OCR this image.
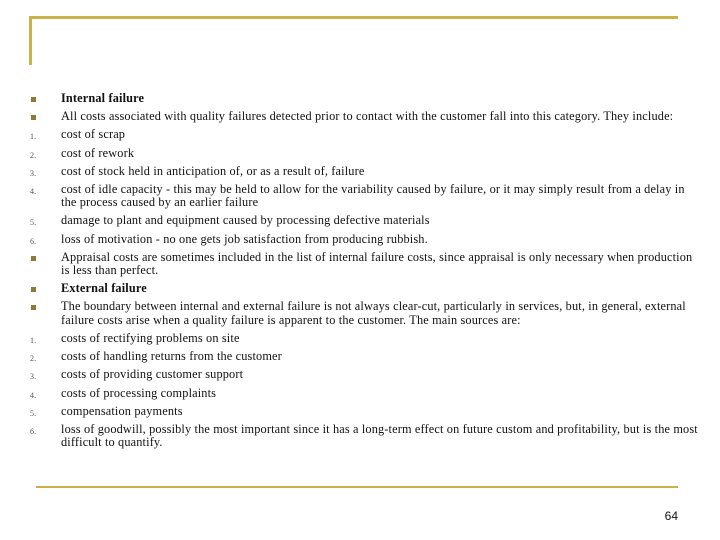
Internal failure
All costs associated with quality failures detected prior to contact with the customer fall into this category. They include:
1.	cost of scrap
2.	cost of rework
3.	cost of stock held in anticipation of, or as a result of, failure
4.	cost of idle capacity - this may be held to allow for the variability caused by failure, or it may simply result from a delay in the process caused by an earlier failure
5.	damage to plant and equipment caused by processing defective materials
6.	loss of motivation - no one gets job satisfaction from producing rubbish.
Appraisal costs are sometimes included in the list of internal failure costs, since appraisal is only necessary when production is less than perfect.
External failure
The boundary between internal and external failure is not always clear-cut, particularly in services, but, in general, external failure costs arise when a quality failure is apparent to the customer. The main sources are:
1.	costs of rectifying problems on site
2.	costs of handling returns from the customer
3.	costs of providing customer support
4.	costs of processing complaints
5.	compensation payments
6.	loss of goodwill, possibly the most important since it has a long-term effect on future custom and profitability, but is the most difficult to quantify.
64
